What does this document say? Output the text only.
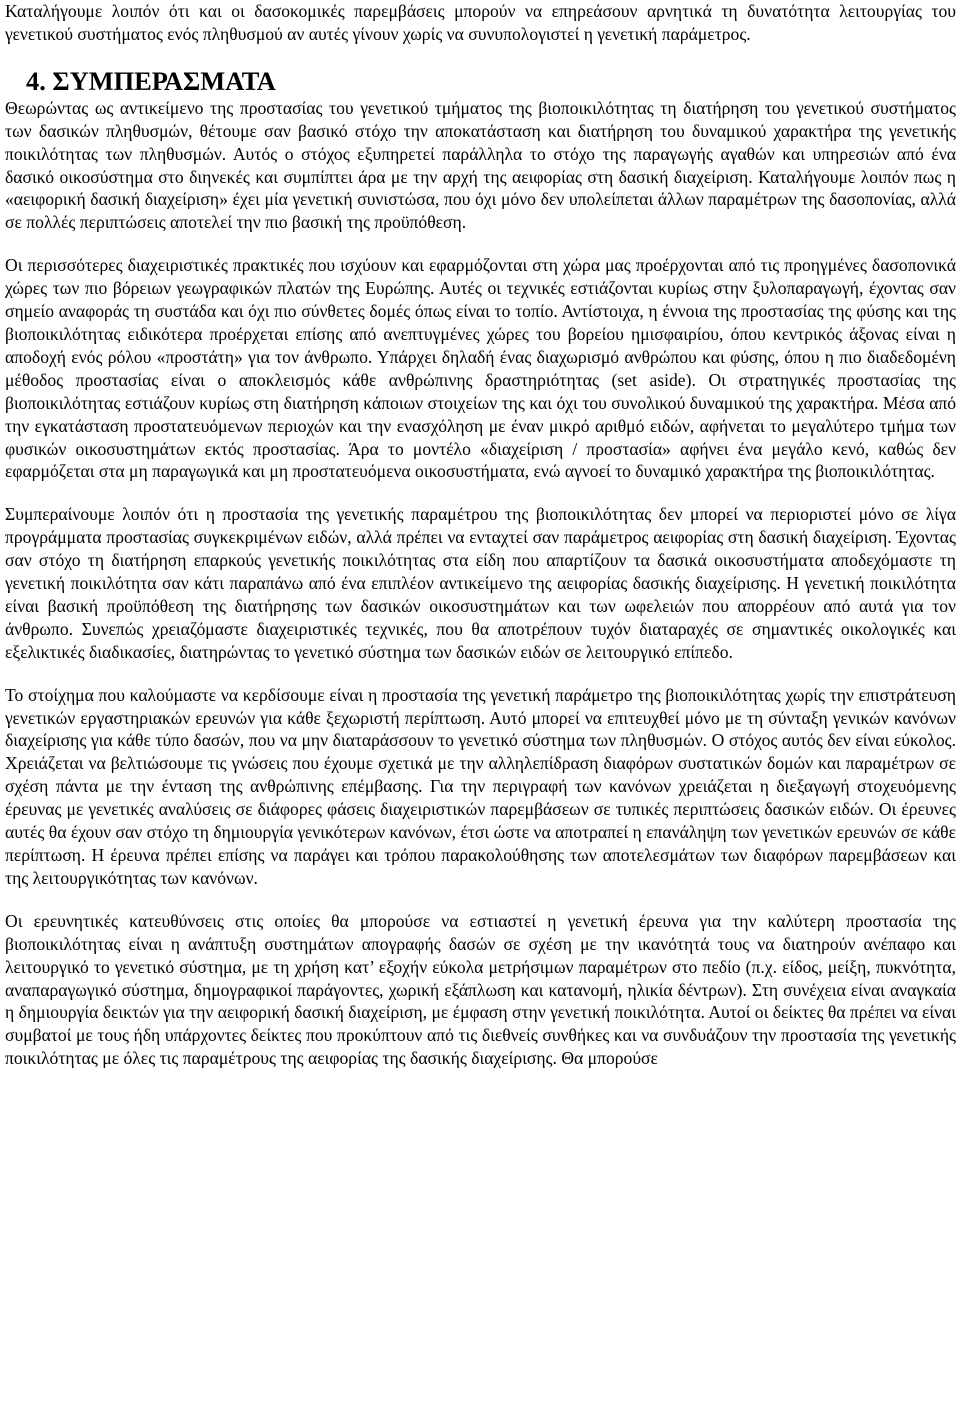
Καταλήγουμε λοιπόν ότι και οι δασοκομικές παρεμβάσεις μπορούν να επηρεάσουν αρνητικά τη δυνατότητα λειτουργίας του γενετικού συστήματος ενός πληθυσμού αν αυτές γίνουν χωρίς να συνυπολογιστεί η γενετική παράμετρος.

4. ΣΥΜΠΕΡΑΣΜΑΤΑ

Θεωρώντας ως αντικείμενο της προστασίας του γενετικού τμήματος της βιοποικιλότητας τη διατήρηση του γενετικού συστήματος των δασικών πληθυσμών, θέτουμε σαν βασικό στόχο την αποκατάσταση και διατήρηση του δυναμικού χαρακτήρα της γενετικής ποικιλότητας των πληθυσμών. Αυτός ο στόχος εξυπηρετεί παράλληλα το στόχο της παραγωγής αγαθών και υπηρεσιών από ένα δασικό οικοσύστημα στο διηνεκές και συμπίπτει άρα με την αρχή της αειφορίας στη δασική διαχείριση. Καταλήγουμε λοιπόν πως η «αειφορική δασική διαχείριση» έχει μία γενετική συνιστώσα, που όχι μόνο δεν υπολείπεται άλλων παραμέτρων της δασοπονίας, αλλά σε πολλές περιπτώσεις αποτελεί την πιο βασική της προϋπόθεση.

Οι περισσότερες διαχειριστικές πρακτικές που ισχύουν και εφαρμόζονται στη χώρα μας προέρχονται από τις προηγμένες δασοπονικά χώρες των πιο βόρειων γεωγραφικών πλατών της Ευρώπης. Αυτές οι τεχνικές εστιάζονται κυρίως στην ξυλοπαραγωγή, έχοντας σαν σημείο αναφοράς τη συστάδα και όχι πιο σύνθετες δομές όπως είναι το τοπίο. Αντίστοιχα, η έννοια της προστασίας της φύσης και της βιοποικιλότητας ειδικότερα προέρχεται επίσης από ανεπτυγμένες χώρες του βορείου ημισφαιρίου, όπου κεντρικός άξονας είναι η αποδοχή ενός ρόλου «προστάτη» για τον άνθρωπο. Υπάρχει δηλαδή ένας διαχωρισμό ανθρώπου και φύσης, όπου η πιο διαδεδομένη μέθοδος προστασίας είναι ο αποκλεισμός κάθε ανθρώπινης δραστηριότητας (set aside). Οι στρατηγικές προστασίας της βιοποικιλότητας εστιάζουν κυρίως στη διατήρηση κάποιων στοιχείων της και όχι του συνολικού δυναμικού της χαρακτήρα. Μέσα από την εγκατάσταση προστατευόμενων περιοχών και την ενασχόληση με έναν μικρό αριθμό ειδών, αφήνεται το μεγαλύτερο τμήμα των φυσικών οικοσυστημάτων εκτός προστασίας. Άρα το μοντέλο «διαχείριση / προστασία» αφήνει ένα μεγάλο κενό, καθώς δεν εφαρμόζεται στα μη παραγωγικά και μη προστατευόμενα οικοσυστήματα, ενώ αγνοεί το δυναμικό χαρακτήρα της βιοποικιλότητας.

Συμπεραίνουμε λοιπόν ότι η προστασία της γενετικής παραμέτρου της βιοποικιλότητας δεν μπορεί να περιοριστεί μόνο σε λίγα προγράμματα προστασίας συγκεκριμένων ειδών, αλλά πρέπει να ενταχτεί σαν παράμετρος αειφορίας στη δασική διαχείριση. Έχοντας σαν στόχο τη διατήρηση επαρκούς γενετικής ποικιλότητας στα είδη που απαρτίζουν τα δασικά οικοσυστήματα αποδεχόμαστε τη γενετική ποικιλότητα σαν κάτι παραπάνω από ένα επιπλέον αντικείμενο της αειφορίας δασικής διαχείρισης. Η γενετική ποικιλότητα είναι βασική προϋπόθεση της διατήρησης των δασικών οικοσυστημάτων και των ωφελειών που απορρέουν από αυτά για τον άνθρωπο. Συνεπώς χρειαζόμαστε διαχειριστικές τεχνικές, που θα αποτρέπουν τυχόν διαταραχές σε σημαντικές οικολογικές και εξελικτικές διαδικασίες, διατηρώντας το γενετικό σύστημα των δασικών ειδών σε λειτουργικό επίπεδο.

Το στοίχημα που καλούμαστε να κερδίσουμε είναι η προστασία της γενετική παράμετρο της βιοποικιλότητας χωρίς την επιστράτευση γενετικών εργαστηριακών ερευνών για κάθε ξεχωριστή περίπτωση. Αυτό μπορεί να επιτευχθεί μόνο με τη σύνταξη γενικών κανόνων διαχείρισης για κάθε τύπο δασών, που να μην διαταράσσουν το γενετικό σύστημα των πληθυσμών. Ο στόχος αυτός δεν είναι εύκολος. Χρειάζεται να βελτιώσουμε τις γνώσεις που έχουμε σχετικά με την αλληλεπίδραση διαφόρων συστατικών δομών και παραμέτρων σε σχέση πάντα με την ένταση της ανθρώπινης επέμβασης. Για την περιγραφή των κανόνων χρειάζεται η διεξαγωγή στοχευόμενης έρευνας με γενετικές αναλύσεις σε διάφορες φάσεις διαχειριστικών παρεμβάσεων σε τυπικές περιπτώσεις δασικών ειδών. Οι έρευνες αυτές θα έχουν σαν στόχο τη δημιουργία γενικότερων κανόνων, έτσι ώστε να αποτραπεί η επανάληψη των γενετικών ερευνών σε κάθε περίπτωση. Η έρευνα πρέπει επίσης να παράγει και τρόπου παρακολούθησης των αποτελεσμάτων των διαφόρων παρεμβάσεων και της λειτουργικότητας των κανόνων.

Οι ερευνητικές κατευθύνσεις στις οποίες θα μπορούσε να εστιαστεί η γενετική έρευνα για την καλύτερη προστασία της βιοποικιλότητας είναι η ανάπτυξη συστημάτων απογραφής δασών σε σχέση με την ικανότητά τους να διατηρούν ανέπαφο και λειτουργικό το γενετικό σύστημα, με τη χρήση κατ’ εξοχήν εύκολα μετρήσιμων παραμέτρων στο πεδίο (π.χ. είδος, μείξη, πυκνότητα, αναπαραγωγικό σύστημα, δημογραφικοί παράγοντες, χωρική εξάπλωση και κατανομή, ηλικία δέντρων). Στη συνέχεια είναι αναγκαία η δημιουργία δεικτών για την αειφορική δασική διαχείριση, με έμφαση στην γενετική ποικιλότητα. Αυτοί οι δείκτες θα πρέπει να είναι συμβατοί με τους ήδη υπάρχοντες δείκτες που προκύπτουν από τις διεθνείς συνθήκες και να συνδυάζουν την προστασία της γενετικής ποικιλότητας με όλες τις παραμέτρους της αειφορίας της δασικής διαχείρισης. Θα μπορούσε
